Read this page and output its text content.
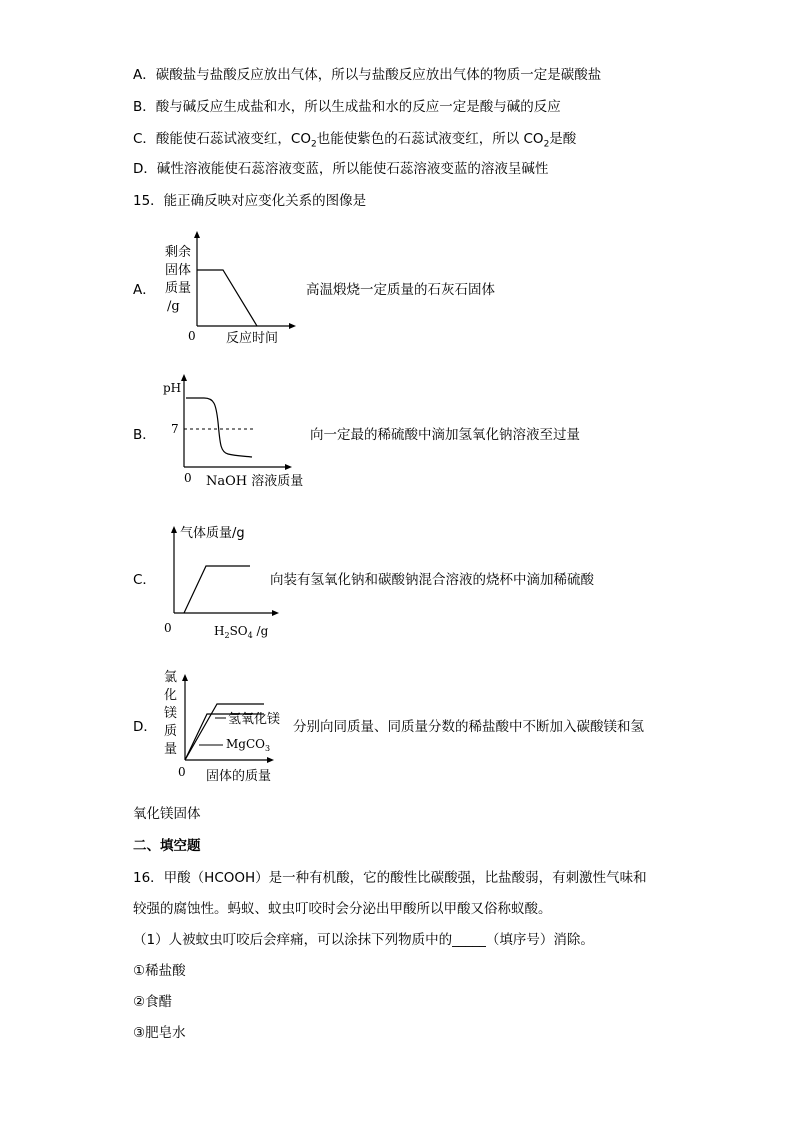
A．碳酸盐与盐酸反应放出气体，所以与盐酸反应放出气体的物质一定是碳酸盐
B．酸与碱反应生成盐和水，所以生成盐和水的反应一定是酸与碱的反应
C．酸能使石蕊试液变红，$CO_2$也能使紫色的石蕊试液变红，所以 $CO_2$是酸
D．碱性溶液能使石蕊溶液变蓝，所以能使石蕊溶液变蓝的溶液呈碱性
15．能正确反映对应变化关系的图像是
A．
剩余
固体
质量
/g
0 反应时间
高温煅烧一定质量的石灰石固体
B．
pH
7
0 NaOH 溶液质量
向一定最的稀硫酸中滴加氢氧化钠溶液至过量
C．
气体质量/g
0	$H_2SO_4$ /g
向装有氢氧化钠和碳酸钠混合溶液的烧杯中滴加稀硫酸
D．
氯
化
镁
质
量
0 固体的质量
氢氧化镁
MgCO$_3$
分别向同质量、同质量分数的稀盐酸中不断加入碳酸镁和氢
氧化镁固体
二、填空题
16．甲酸（HCOOH）是一种有机酸，它的酸性比碳酸强，比盐酸弱，有刺激性气味和
较强的腐蚀性。蚂蚁、蚊虫叮咬时会分泌出甲酸所以甲酸又俗称蚁酸。
（1）人被蚊虫叮咬后会痒痛，可以涂抹下列物质中的_____（填序号）消除。
①稀盐酸
②食醋
③肥皂水
